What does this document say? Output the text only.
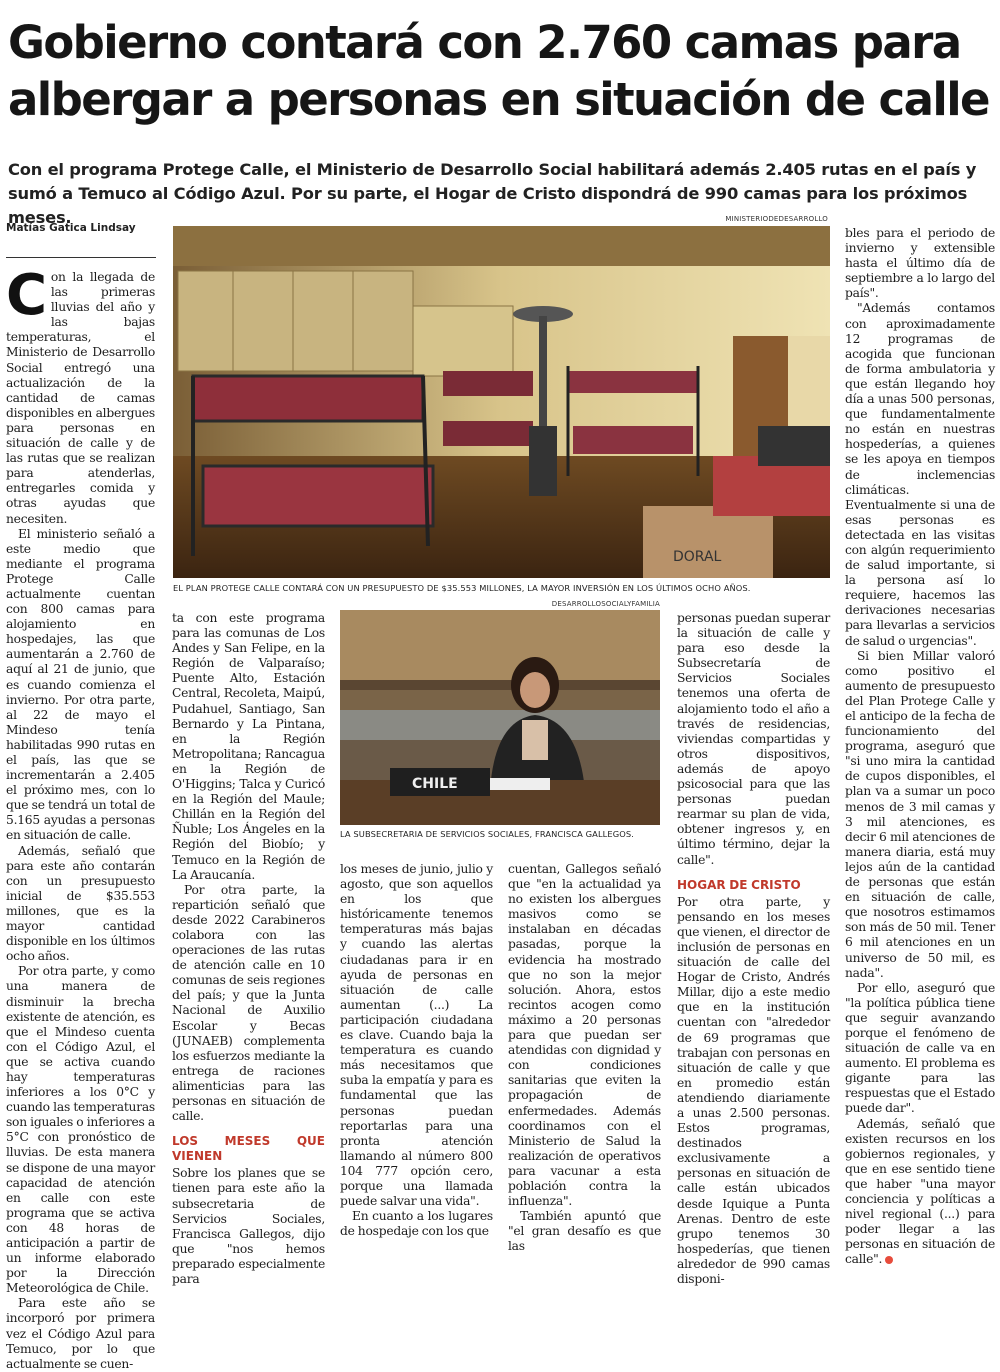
Gobierno contará con 2.760 camas para albergar a personas en situación de calle

Con el programa Protege Calle, el Ministerio de Desarrollo Social habilitará además 2.405 rutas en el país y sumó a Temuco al Código Azul. Por su parte, el Hogar de Cristo dispondrá de 990 camas para los próximos meses.

Matías Gatica Lindsay
MINISTERIODEDESARROLLO
DORAL
EL PLAN PROTEGE CALLE CONTARÁ CON UN PRESUPUESTO DE $35.553 MILLONES, LA MAYOR INVERSIÓN EN LOS ÚLTIMOS OCHO AÑOS.
DESARROLLOSOCIALYFAMILIA
CHILE
LA SUBSECRETARIA DE SERVICIOS SOCIALES, FRANCISCA GALLEGOS.

Con la llegada de las primeras lluvias del año y las bajas temperaturas, el Ministerio de Desarrollo Social entregó una actualización de la cantidad de camas disponibles en albergues para personas en situación de calle y de las rutas que se realizan para atenderlas, entregarles comida y otras ayudas que necesiten.

El ministerio señaló a este medio que mediante el programa Protege Calle actualmente cuentan con 800 camas para alojamiento en hospedajes, las que aumentarán a 2.760 de aquí al 21 de junio, que es cuando comienza el invierno. Por otra parte, al 22 de mayo el Mindeso tenía habilitadas 990 rutas en el país, las que se incrementarán a 2.405 el próximo mes, con lo que se tendrá un total de 5.165 ayudas a personas en situación de calle.

Además, señaló que para este año contarán con un presupuesto inicial de $35.553 millones, que es la mayor cantidad disponible en los últimos ocho años.

Por otra parte, y como una manera de disminuir la brecha existente de atención, es que el Mindeso cuenta con el Código Azul, el que se activa cuando hay temperaturas inferiores a los 0°C y cuando las temperaturas son iguales o inferiores a 5°C con pronóstico de lluvias. De esta manera se dispone de una mayor capacidad de atención en calle con este programa que se activa con 48 horas de anticipación a partir de un informe elaborado por la Dirección Meteorológica de Chile.

Para este año se incorporó por primera vez el Código Azul para Temuco, por lo que actualmente se cuen-

ta con este programa para las comunas de Los Andes y San Felipe, en la Región de Valparaíso; Puente Alto, Estación Central, Recoleta, Maipú, Pudahuel, Santiago, San Bernardo y La Pintana, en la Región Metropolitana; Rancagua en la Región de O'Higgins; Talca y Curicó en la Región del Maule; Chillán en la Región del Ñuble; Los Ángeles en la Región del Biobío; y Temuco en la Región de La Araucanía.

Por otra parte, la repartición señaló que desde 2022 Carabineros colabora con las operaciones de las rutas de atención calle en 10 comunas de seis regiones del país; y que la Junta Nacional de Auxilio Escolar y Becas (JUNAEB) complementa los esfuerzos mediante la entrega de raciones alimenticias para las personas en situación de calle.

LOS MESES QUE VIENEN

Sobre los planes que se tienen para este año la subsecretaria de Servicios Sociales, Francisca Gallegos, dijo que "nos hemos preparado especialmente para

los meses de junio, julio y agosto, que son aquellos en los que históricamente tenemos temperaturas más bajas y cuando las alertas ciudadanas para ir en ayuda de personas en situación de calle aumentan (...) La participación ciudadana es clave. Cuando baja la temperatura es cuando más necesitamos que suba la empatía y para es fundamental que las personas puedan reportarlas para una pronta atención llamando al número 800 104 777 opción cero, porque una llamada puede salvar una vida".

En cuanto a los lugares de hospedaje con los que

cuentan, Gallegos señaló que "en la actualidad ya no existen los albergues masivos como se instalaban en décadas pasadas, porque la evidencia ha mostrado que no son la mejor solución. Ahora, estos recintos acogen como máximo a 20 personas para que puedan ser atendidas con dignidad y con condiciones sanitarias que eviten la propagación de enfermedades. Además coordinamos con el Ministerio de Salud la realización de operativos para vacunar a esta población contra la influenza".

También apuntó que "el gran desafío es que las

personas puedan superar la situación de calle y para eso desde la Subsecretaría de Servicios Sociales tenemos una oferta de alojamiento todo el año a través de residencias, viviendas compartidas y otros dispositivos, además de apoyo psicosocial para que las personas puedan rearmar su plan de vida, obtener ingresos y, en último término, dejar la calle".

HOGAR DE CRISTO

Por otra parte, y pensando en los meses que vienen, el director de inclusión de personas en situación de calle del Hogar de Cristo, Andrés Millar, dijo a este medio que en la institución cuentan con "alrededor de 69 programas que trabajan con personas en situación de calle y que en promedio están atendiendo diariamente a unas 2.500 personas. Estos programas, destinados exclusivamente a personas en situación de calle están ubicados desde Iquique a Punta Arenas. Dentro de este grupo tenemos 30 hospederías, que tienen alrededor de 990 camas disponi-

bles para el periodo de invierno y extensible hasta el último día de septiembre a lo largo del país".

"Además contamos con aproximadamente 12 programas de acogida que funcionan de forma ambulatoria y que están llegando hoy día a unas 500 personas, que fundamentalmente no están en nuestras hospederías, a quienes se les apoya en tiempos de inclemencias climáticas. Eventualmente si una de esas personas es detectada en las visitas con algún requerimiento de salud importante, si la persona así lo requiere, hacemos las derivaciones necesarias para llevarlas a servicios de salud o urgencias".

Si bien Millar valoró como positivo el aumento de presupuesto del Plan Protege Calle y el anticipo de la fecha de funcionamiento del programa, aseguró que "si uno mira la cantidad de cupos disponibles, el plan va a sumar un poco menos de 3 mil camas y 3 mil atenciones, es decir 6 mil atenciones de manera diaria, está muy lejos aún de la cantidad de personas que están en situación de calle, que nosotros estimamos son más de 50 mil. Tener 6 mil atenciones en un universo de 50 mil, es nada".

Por ello, aseguró que "la política pública tiene que seguir avanzando porque el fenómeno de situación de calle va en aumento. El problema es gigante para las respuestas que el Estado puede dar".

Además, señaló que existen recursos en los gobiernos regionales, y que en ese sentido tiene que haber "una mayor conciencia y políticas a nivel regional (...) para poder llegar a las personas en situación de calle".
